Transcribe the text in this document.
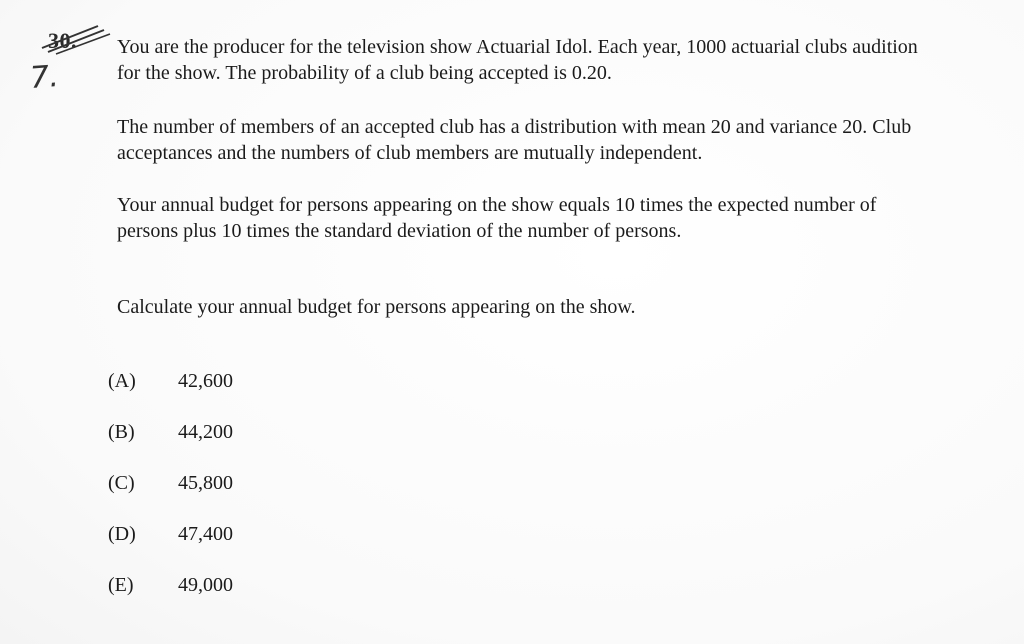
30.
7.

You are the producer for the television show Actuarial Idol. Each year, 1000 actuarial clubs audition for the show. The probability of a club being accepted is 0.20.

The number of members of an accepted club has a distribution with mean 20 and variance 20. Club acceptances and the numbers of club members are mutually independent.

Your annual budget for persons appearing on the show equals 10 times the expected number of persons plus 10 times the standard deviation of the number of persons.

Calculate your annual budget for persons appearing on the show.

(A)	42,600
(B)	44,200
(C)	45,800
(D)	47,400
(E)	49,000
